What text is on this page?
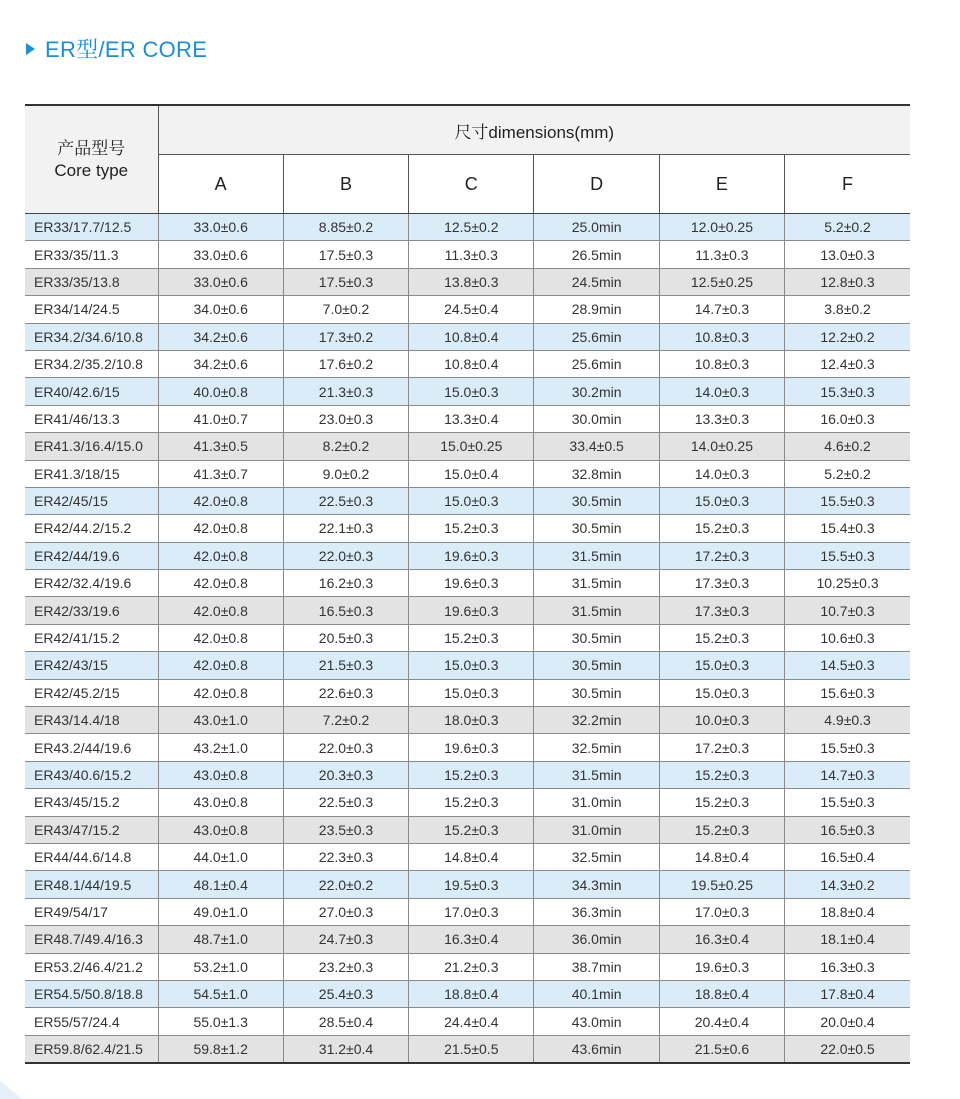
ER型/ER CORE
产品型号
Core type	尺寸dimensions(mm)					
	A	B	C	D	E	F
ER33/17.7/12.5	33.0±0.6	8.85±0.2	12.5±0.2	25.0min	12.0±0.25	5.2±0.2
ER33/35/11.3	33.0±0.6	17.5±0.3	11.3±0.3	26.5min	11.3±0.3	13.0±0.3
ER33/35/13.8	33.0±0.6	17.5±0.3	13.8±0.3	24.5min	12.5±0.25	12.8±0.3
ER34/14/24.5	34.0±0.6	7.0±0.2	24.5±0.4	28.9min	14.7±0.3	3.8±0.2
ER34.2/34.6/10.8	34.2±0.6	17.3±0.2	10.8±0.4	25.6min	10.8±0.3	12.2±0.2
ER34.2/35.2/10.8	34.2±0.6	17.6±0.2	10.8±0.4	25.6min	10.8±0.3	12.4±0.3
ER40/42.6/15	40.0±0.8	21.3±0.3	15.0±0.3	30.2min	14.0±0.3	15.3±0.3
ER41/46/13.3	41.0±0.7	23.0±0.3	13.3±0.4	30.0min	13.3±0.3	16.0±0.3
ER41.3/16.4/15.0	41.3±0.5	8.2±0.2	15.0±0.25	33.4±0.5	14.0±0.25	4.6±0.2
ER41.3/18/15	41.3±0.7	9.0±0.2	15.0±0.4	32.8min	14.0±0.3	5.2±0.2
ER42/45/15	42.0±0.8	22.5±0.3	15.0±0.3	30.5min	15.0±0.3	15.5±0.3
ER42/44.2/15.2	42.0±0.8	22.1±0.3	15.2±0.3	30.5min	15.2±0.3	15.4±0.3
ER42/44/19.6	42.0±0.8	22.0±0.3	19.6±0.3	31.5min	17.2±0.3	15.5±0.3
ER42/32.4/19.6	42.0±0.8	16.2±0.3	19.6±0.3	31.5min	17.3±0.3	10.25±0.3
ER42/33/19.6	42.0±0.8	16.5±0.3	19.6±0.3	31.5min	17.3±0.3	10.7±0.3
ER42/41/15.2	42.0±0.8	20.5±0.3	15.2±0.3	30.5min	15.2±0.3	10.6±0.3
ER42/43/15	42.0±0.8	21.5±0.3	15.0±0.3	30.5min	15.0±0.3	14.5±0.3
ER42/45.2/15	42.0±0.8	22.6±0.3	15.0±0.3	30.5min	15.0±0.3	15.6±0.3
ER43/14.4/18	43.0±1.0	7.2±0.2	18.0±0.3	32.2min	10.0±0.3	4.9±0.3
ER43.2/44/19.6	43.2±1.0	22.0±0.3	19.6±0.3	32.5min	17.2±0.3	15.5±0.3
ER43/40.6/15.2	43.0±0.8	20.3±0.3	15.2±0.3	31.5min	15.2±0.3	14.7±0.3
ER43/45/15.2	43.0±0.8	22.5±0.3	15.2±0.3	31.0min	15.2±0.3	15.5±0.3
ER43/47/15.2	43.0±0.8	23.5±0.3	15.2±0.3	31.0min	15.2±0.3	16.5±0.3
ER44/44.6/14.8	44.0±1.0	22.3±0.3	14.8±0.4	32.5min	14.8±0.4	16.5±0.4
ER48.1/44/19.5	48.1±0.4	22.0±0.2	19.5±0.3	34.3min	19.5±0.25	14.3±0.2
ER49/54/17	49.0±1.0	27.0±0.3	17.0±0.3	36.3min	17.0±0.3	18.8±0.4
ER48.7/49.4/16.3	48.7±1.0	24.7±0.3	16.3±0.4	36.0min	16.3±0.4	18.1±0.4
ER53.2/46.4/21.2	53.2±1.0	23.2±0.3	21.2±0.3	38.7min	19.6±0.3	16.3±0.3
ER54.5/50.8/18.8	54.5±1.0	25.4±0.3	18.8±0.4	40.1min	18.8±0.4	17.8±0.4
ER55/57/24.4	55.0±1.3	28.5±0.4	24.4±0.4	43.0min	20.4±0.4	20.0±0.4
ER59.8/62.4/21.5	59.8±1.2	31.2±0.4	21.5±0.5	43.6min	21.5±0.6	22.0±0.5
